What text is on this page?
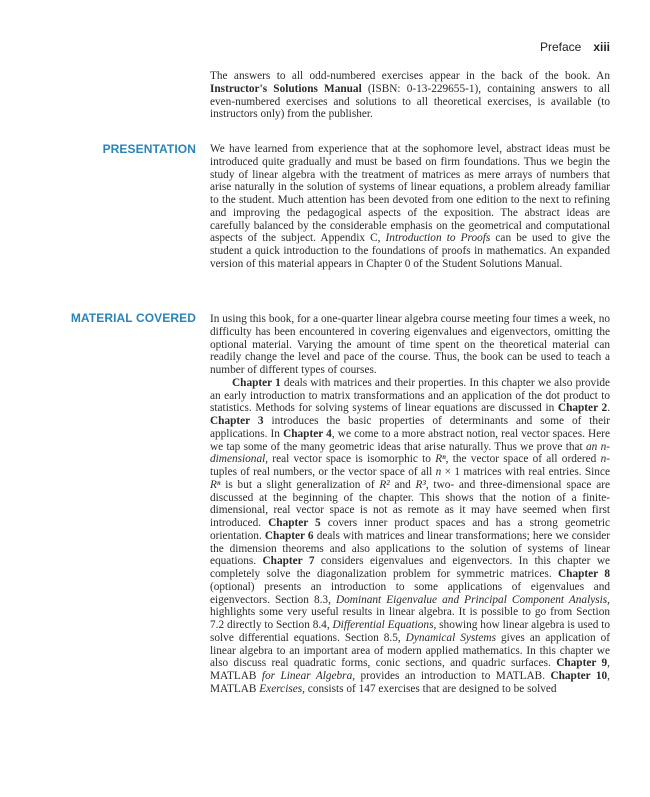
Preface xiii

The answers to all odd-numbered exercises appear in the back of the book. An Instructor's Solutions Manual (ISBN: 0-13-229655-1), containing answers to all even-numbered exercises and solutions to all theoretical exercises, is available (to instructors only) from the publisher.

PRESENTATION We have learned from experience that at the sophomore level, abstract ideas must be introduced quite gradually and must be based on firm foundations. Thus we begin the study of linear algebra with the treatment of matrices as mere arrays of numbers that arise naturally in the solution of systems of linear equations, a problem already familiar to the student. Much attention has been devoted from one edition to the next to refining and improving the pedagogical aspects of the exposition. The abstract ideas are carefully balanced by the considerable emphasis on the geometrical and computational aspects of the subject. Appendix C, Introduction to Proofs can be used to give the student a quick introduction to the foundations of proofs in mathematics. An expanded version of this material appears in Chapter 0 of the Student Solutions Manual.

MATERIAL COVERED In using this book, for a one-quarter linear algebra course meeting four times a week, no difficulty has been encountered in covering eigenvalues and eigenvectors, omitting the optional material. Varying the amount of time spent on the theoretical material can readily change the level and pace of the course. Thus, the book can be used to teach a number of different types of courses.

Chapter 1 deals with matrices and their properties. In this chapter we also provide an early introduction to matrix transformations and an application of the dot product to statistics. Methods for solving systems of linear equations are discussed in Chapter 2. Chapter 3 introduces the basic properties of determinants and some of their applications. In Chapter 4, we come to a more abstract notion, real vector spaces. Here we tap some of the many geometric ideas that arise naturally. Thus we prove that an n-dimensional, real vector space is isomorphic to Rⁿ, the vector space of all ordered n-tuples of real numbers, or the vector space of all n × 1 matrices with real entries. Since Rⁿ is but a slight generalization of R² and R³, two- and three-dimensional space are discussed at the beginning of the chapter. This shows that the notion of a finite-dimensional, real vector space is not as remote as it may have seemed when first introduced. Chapter 5 covers inner product spaces and has a strong geometric orientation. Chapter 6 deals with matrices and linear transformations; here we consider the dimension theorems and also applications to the solution of systems of linear equations. Chapter 7 considers eigenvalues and eigenvectors. In this chapter we completely solve the diagonalization problem for symmetric matrices. Chapter 8 (optional) presents an introduction to some applications of eigenvalues and eigenvectors. Section 8.3, Dominant Eigenvalue and Principal Component Analysis, highlights some very useful results in linear algebra. It is possible to go from Section 7.2 directly to Section 8.4, Differential Equations, showing how linear algebra is used to solve differential equations. Section 8.5, Dynamical Systems gives an application of linear algebra to an important area of modern applied mathematics. In this chapter we also discuss real quadratic forms, conic sections, and quadric surfaces. Chapter 9, MATLAB for Linear Algebra, provides an introduction to MATLAB. Chapter 10, MATLAB Exercises, consists of 147 exercises that are designed to be solved
